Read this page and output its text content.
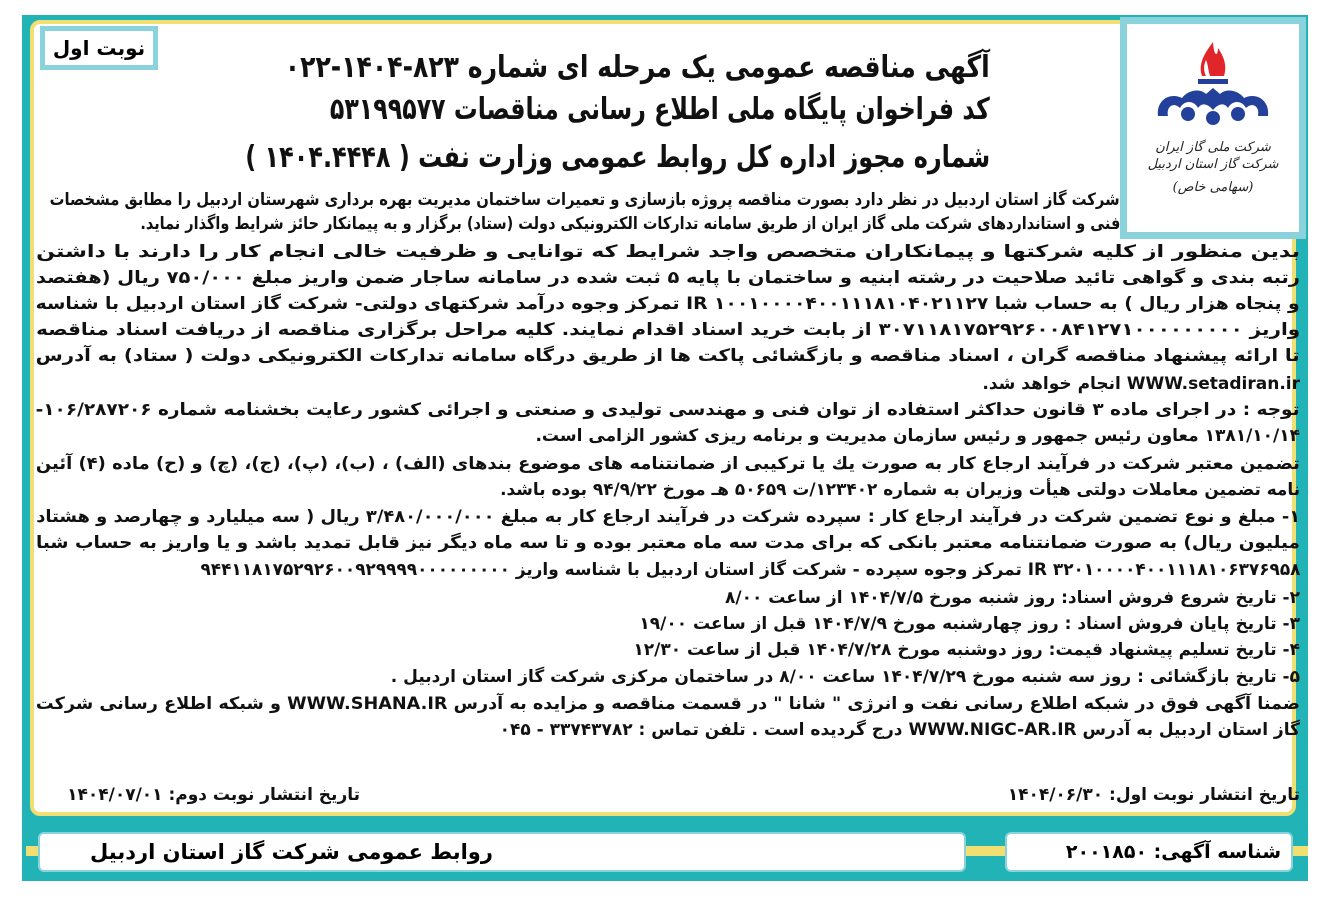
شرکت ملی گاز ایران
شرکت گاز استان اردبیل
(سهامی خاص)
نوبت اول
آگهی مناقصه عمومی یک مرحله ای شماره ۸۲۳-۱۴۰۴-۰۲۲
کد فراخوان پایگاه ملی اطلاع رسانی مناقصات ۵۳۱۹۹۵۷۷
شماره مجوز اداره کل روابط عمومی وزارت نفت ( ۱۴۰۴.۴۴۴۸ )
شرکت گاز استان اردبیل در نظر دارد بصورت مناقصه پروژه بازسازی و تعمیرات ساختمان مدیریت بهره برداری شهرستان اردبیل را مطابق مشخصات
فنی و استانداردهای شرکت ملی گاز ایران از طریق سامانه تدارکات الکترونیکی دولت (ستاد) برگزار و به پیمانکار حائز شرایط واگذار نماید.
بدین منظور از کلیه شرکتها و پیمانکاران متخصص واجد شرایط که توانایی و ظرفیت خالی انجام کار را دارند با داشتن
رتبه بندی و گواهی تائید صلاحیت در رشته ابنیه و ساختمان با پایه ۵ ثبت شده در سامانه ساجار ضمن واریز مبلغ ۷۵۰/۰۰۰ ریال (هفتصد
و پنجاه هزار ریال ) به حساب شبا IR ۱۰۰۱۰۰۰۰۴۰۰۱۱۱۸۱۰۴۰۲۱۱۲۷ تمرکز وجوه درآمد شرکتهای دولتی- شرکت گاز استان اردبیل با شناسه
واریز ۳۰۷۱۱۸۱۷۵۲۹۲۶۰۰۸۴۱۲۷۱۰۰۰۰۰۰۰۰۰ از بابت خرید اسناد اقدام نمایند. کلیه مراحل برگزاری مناقصه از دریافت اسناد مناقصه
تا ارائه پیشنهاد مناقصه گران ، اسناد مناقصه و بازگشائی پاکت ها از طریق درگاه سامانه تدارکات الکترونیکی دولت ( ستاد) به آدرس
WWW.setadiran.ir انجام خواهد شد.
توجه : در اجرای ماده ۳ قانون حداکثر استفاده از توان فنی و مهندسی تولیدی و صنعتی و اجرائی کشور رعایت بخشنامه شماره ۱۰۶/۲۸۷۲۰۶-
۱۳۸۱/۱۰/۱۴ معاون رئیس جمهور و رئیس سازمان مدیریت و برنامه ریزی کشور الزامی است.
تضمین معتبر شرکت در فرآیند ارجاع کار به صورت یك یا ترکیبی از ضمانتنامه های موضوع بندهای (الف) ، (ب)، (پ)، (ج)، (چ) و (ح) ماده (۴) آئین
نامه تضمین معاملات دولتی هیأت وزیران به شماره ۱۲۳۴۰۲/ت ۵۰۶۵۹ هـ مورخ ۹۴/۹/۲۲ بوده باشد.
۱- مبلغ و نوع تضمین شرکت در فرآیند ارجاع کار : سپرده شرکت در فرآیند ارجاع کار به مبلغ ۳/۴۸۰/۰۰۰/۰۰۰ ریال ( سه میلیارد و چهارصد و هشتاد
میلیون ریال) به صورت ضمانتنامه معتبر بانکی که برای مدت سه ماه معتبر بوده و تا سه ماه دیگر نیز قابل تمدید باشد و یا واریز به حساب شبا
IR ۳۲۰۱۰۰۰۰۴۰۰۱۱۱۸۱۰۶۳۷۶۹۵۸ تمرکز وجوه سپرده - شرکت گاز استان اردبیل با شناسه واریز ۹۴۴۱۱۸۱۷۵۲۹۲۶۰۰۹۲۹۹۹۹۰۰۰۰۰۰۰۰۰
۲- تاریخ شروع فروش اسناد: روز شنبه مورخ ۱۴۰۴/۷/۵ از ساعت ۸/۰۰
۳- تاریخ پایان فروش اسناد : روز چهارشنبه مورخ ۱۴۰۴/۷/۹ قبل از ساعت ۱۹/۰۰
۴- تاریخ تسلیم پیشنهاد قیمت: روز دوشنبه مورخ ۱۴۰۴/۷/۲۸ قبل از ساعت ۱۲/۳۰
۵- تاریخ بازگشائی : روز سه شنبه مورخ ۱۴۰۴/۷/۲۹ ساعت ۸/۰۰ در ساختمان مرکزی شرکت گاز استان اردبیل .
ضمنا آگهی فوق در شبکه اطلاع رسانی نفت و انرژی " شانا " در قسمت مناقصه و مزایده به آدرس WWW.SHANA.IR و شبکه اطلاع رسانی شرکت
گاز استان اردبیل به آدرس WWW.NIGC-AR.IR درج گردیده است . تلفن تماس : ۳۳۷۴۳۷۸۲ - ۰۴۵
تاریخ انتشار نوبت اول: ۱۴۰۴/۰۶/۳۰
تاریخ انتشار نوبت دوم: ۱۴۰۴/۰۷/۰۱
روابط عمومی شرکت گاز استان اردبیل	شناسه آگهی: ۲۰۰۱۸۵۰
